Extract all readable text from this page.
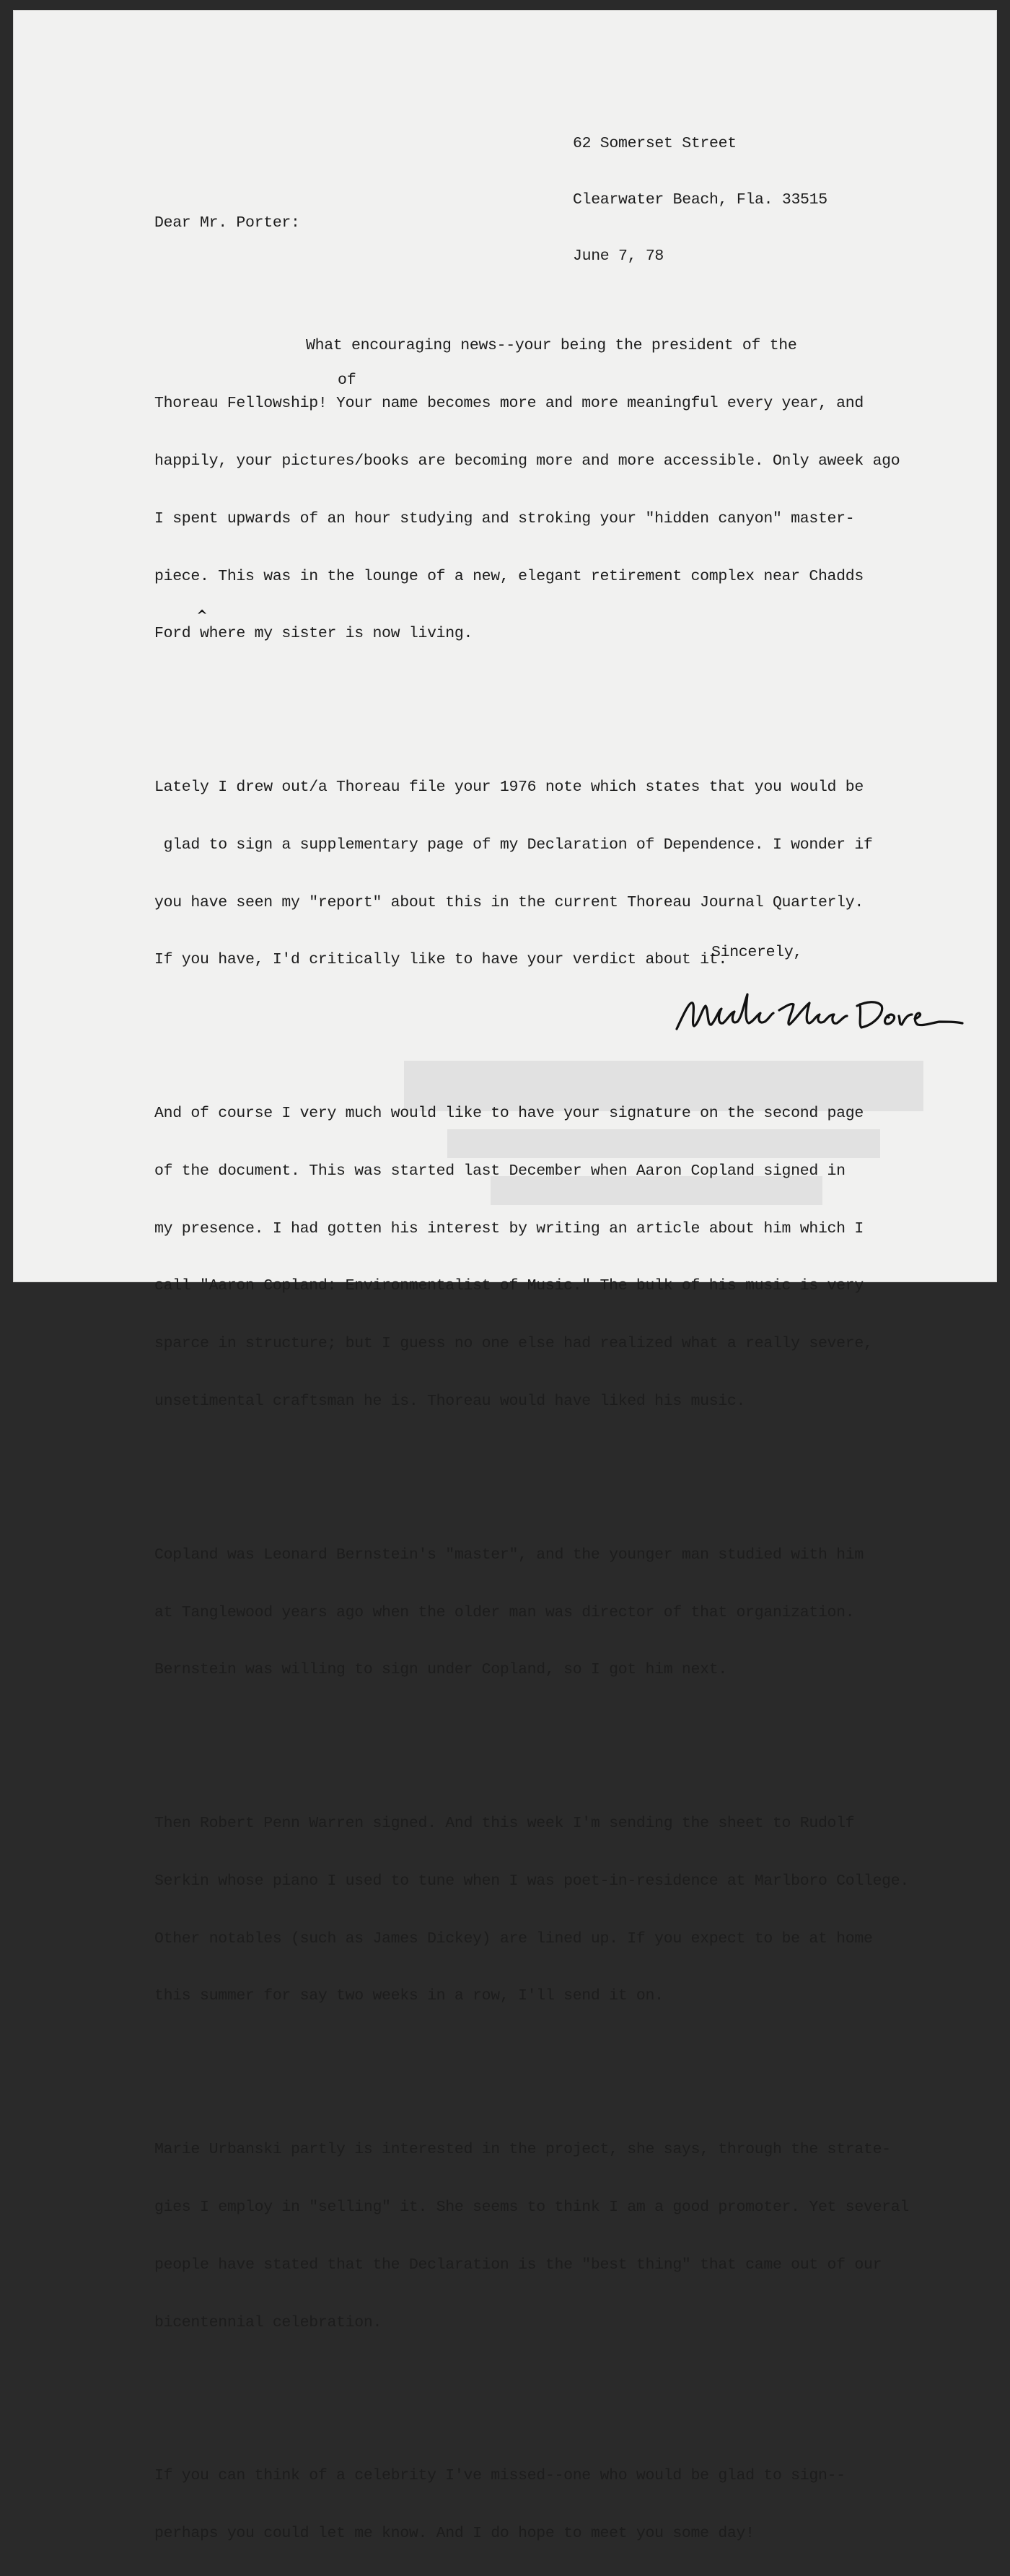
62 Somerset Street

Clearwater Beach, Fla. 33515

June 7, 78

Dear Mr. Porter:

What encouraging news--your being the president of the

Thoreau Fellowship! Your name becomes more and more meaningful every year, and

happily, your pictures/books are becoming more and more accessible. Only aweek ago

I spent upwards of an hour studying and stroking your "hidden canyon" master-

piece. This was in the lounge of a new, elegant retirement complex near Chadds

Ford where my sister is now living.

Lately I drew out/a Thoreau file your 1976 note which states that you would be

glad to sign a supplementary page of my Declaration of Dependence. I wonder if

you have seen my "report" about this in the current Thoreau Journal Quarterly.

If you have, I'd critically like to have your verdict about it.

And of course I very much would like to have your signature on the second page

of the document. This was started last December when Aaron Copland signed in

my presence. I had gotten his interest by writing an article about him which I

call "Aaron Copland: Environmentalist of Music." The bulk of his music is very

sparce in structure; but I guess no one else had realized what a really severe,

unsetimental craftsman he is. Thoreau would have liked his music.

Copland was Leonard Bernstein's "master", and the younger man studied with him

at Tanglewood years ago when the older man was director of that organization.

Bernstein was willing to sign under Copland, so I got him next.

Then Robert Penn Warren signed. And this week I'm sending the sheet to Rudolf

Serkin whose piano I used to tune when I was poet-in-residence at Marlboro College.

Other notables (such as James Dickey) are lined up. If you expect to be at home

this summer for say two weeks in a row, I'll send it on.

Marie Urbanski partly is interested in the project, she says, through the strate-

gies I employ in "selling" it. She seems to think I am a good promoter. Yet several

people have stated that the Declaration is the "best thing" that came out of our

bicentennial celebration.

If you can think of a celebrity I've missed--one who would be glad to sign--

perhaps you could let me know. And I do hope to meet you some day!

of
‸
Sincerely,
